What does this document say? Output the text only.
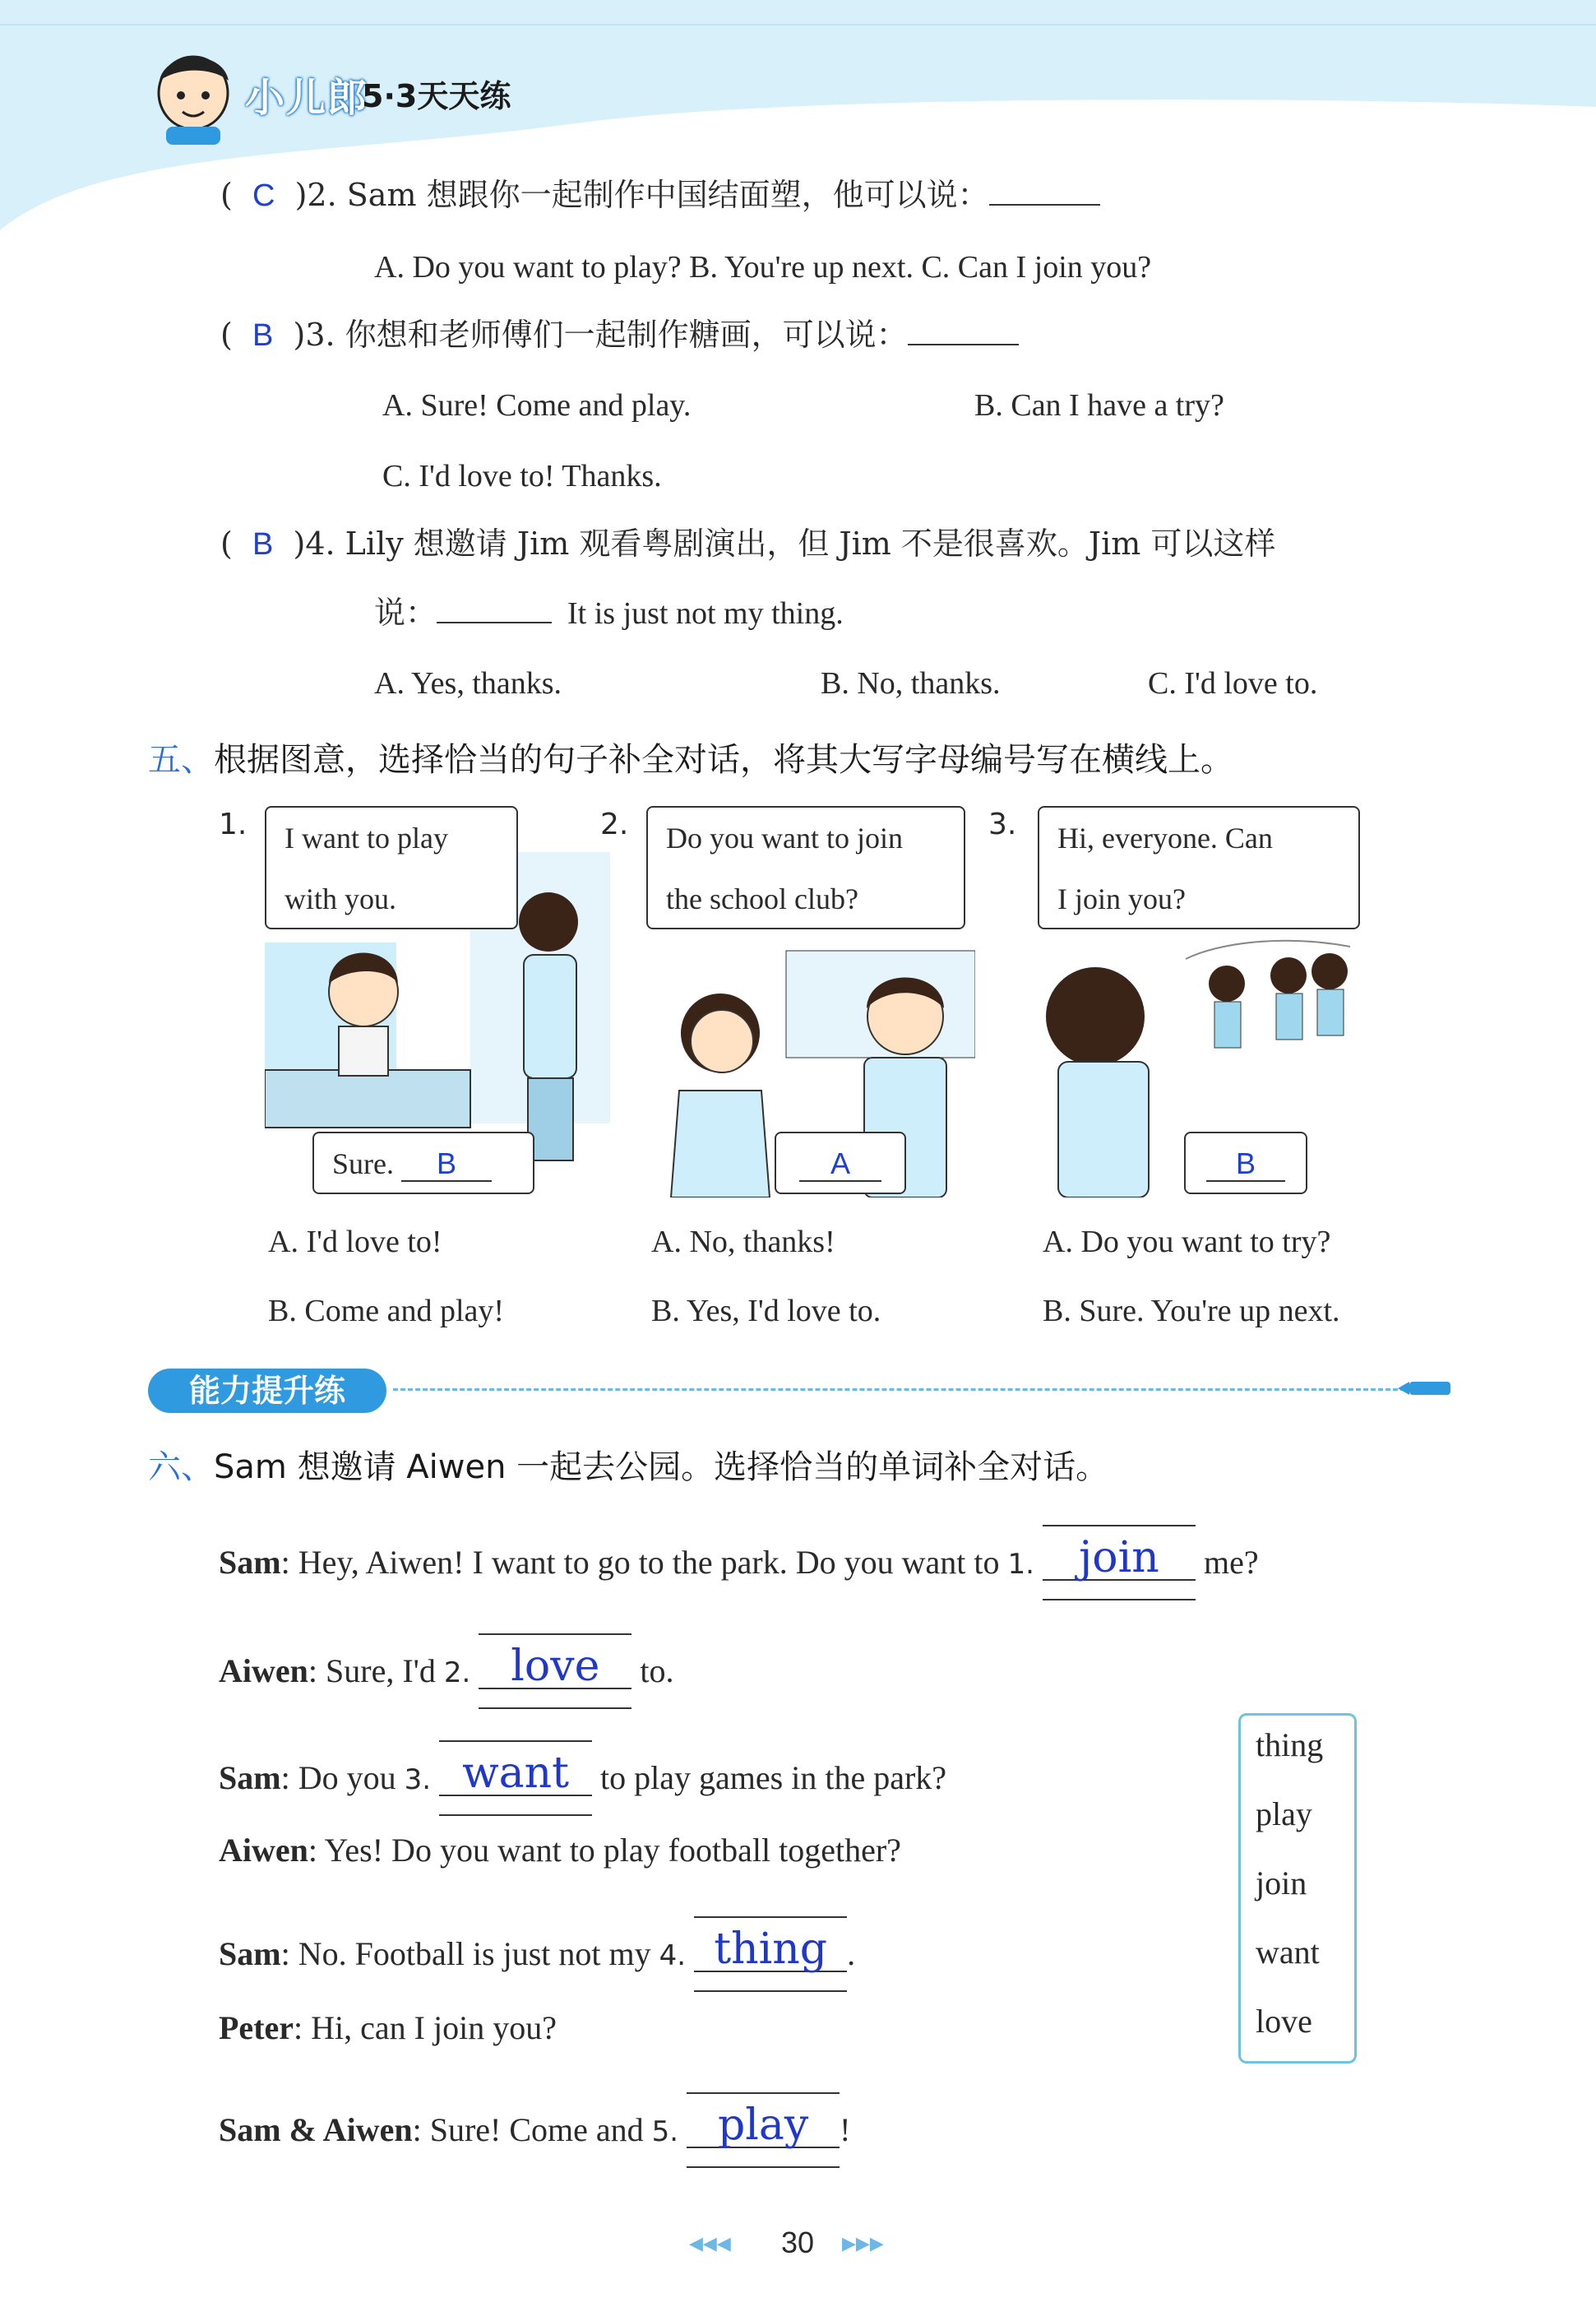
小儿郎
5·3天天练
(  C )2. Sam 想跟你一起制作中国结面塑，他可以说：
A. Do you want to play? B. You're up next. C. Can I join you?
(  B )3. 你想和老师傅们一起制作糖画，可以说：
A. Sure! Come and play.	B. Can I have a try?
C. I'd love to! Thanks.
(  B )4. Lily 想邀请 Jim 观看粤剧演出，但 Jim 不是很喜欢。Jim 可以这样
说：	It is just not my thing.
A. Yes, thanks.	B. No, thanks.	C. I'd love to.
五、根据图意，选择恰当的句子补全对话，将其大写字母编号写在横线上。
1. I want to play
with you.
Sure. B
2. Do you want to join
the school club?
A
3. Hi, everyone. Can
I join you?
B
A. I'd love to!
B. Come and play!
A. No, thanks!
B. Yes, I'd love to.
A. Do you want to try?
B. Sure. You're up next.
能力提升练
六、Sam 想邀请 Aiwen 一起去公园。选择恰当的单词补全对话。
Sam: Hey, Aiwen! I want to go to the park. Do you want to 1.	join	me?
Aiwen: Sure, I'd 2. love to.
Sam: Do you 3. want to play games in the park?
Aiwen: Yes! Do you want to play football together?
Sam: No. Football is just not my 4. thing .
Peter: Hi, can I join you?
Sam & Aiwen: Sure! Come and 5. play !
thing
play
join
want
love
◀◀◀ 30 ▶▶▶
